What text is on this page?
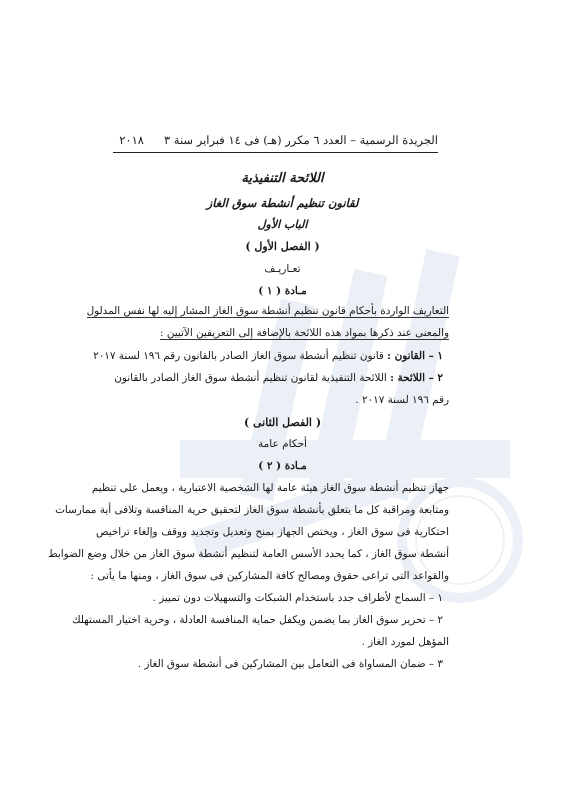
الجريدة الرسمية – العدد ٦ مكرر (هـ) فى ١٤ فبراير سنة ٢٠١٨٣
اللائحة التنفيذية
لقانون تنظيم أنشطة سوق الغاز
الباب الأول
( الفصل الأول )
تعـاريـف
مـادة ( ١ )
التعاريف الواردة بأحكام قانون تنظيم أنشطة سوق الغاز المشار إليه لها نفس المدلول
والمعنى عند ذكرها بمواد هذه اللائحة بالإضافة إلى التعريفين الآتيين :
١ – القانون : قانون تنظيم أنشطة سوق الغاز الصادر بالقانون رقم ١٩٦ لسنة ٢٠١٧
٢ – اللائحة : اللائحة التنفيذية لقانون تنظيم أنشطة سوق الغاز الصادر بالقانون
رقم ١٩٦ لسنة ٢٠١٧ .
( الفصل الثانى )
أحكام عامة
مـادة ( ٢ )
جهاز تنظيم أنشطة سوق الغاز هيئة عامة لها الشخصية الاعتبارية ، ويعمل على تنظيم
ومتابعة ومراقبة كل ما يتعلق بأنشطة سوق الغاز لتحقيق حرية المنافسة وتلافى أية ممارسات
احتكارية فى سوق الغاز ، ويختص الجهاز بمنح وتعديل وتجديد ووقف وإلغاء تراخيص
أنشطة سوق الغاز ، كما يحدد الأسس العامة لتنظيم أنشطة سوق الغاز من خلال وضع الضوابط
والقواعد التى تراعى حقوق ومصالح كافة المشاركين فى سوق الغاز ، ومنها ما يأتى :
١ – السماح لأطراف جدد باستخدام الشبكات والتسهيلات دون تمييز .
٢ – تحرير سوق الغاز بما يضمن ويكفل حماية المنافسة العادلة ، وحرية اختيار المستهلك
المؤهل لمورد الغاز .
٣ – ضمان المساواة فى التعامل بين المشاركين فى أنشطة سوق الغاز .
